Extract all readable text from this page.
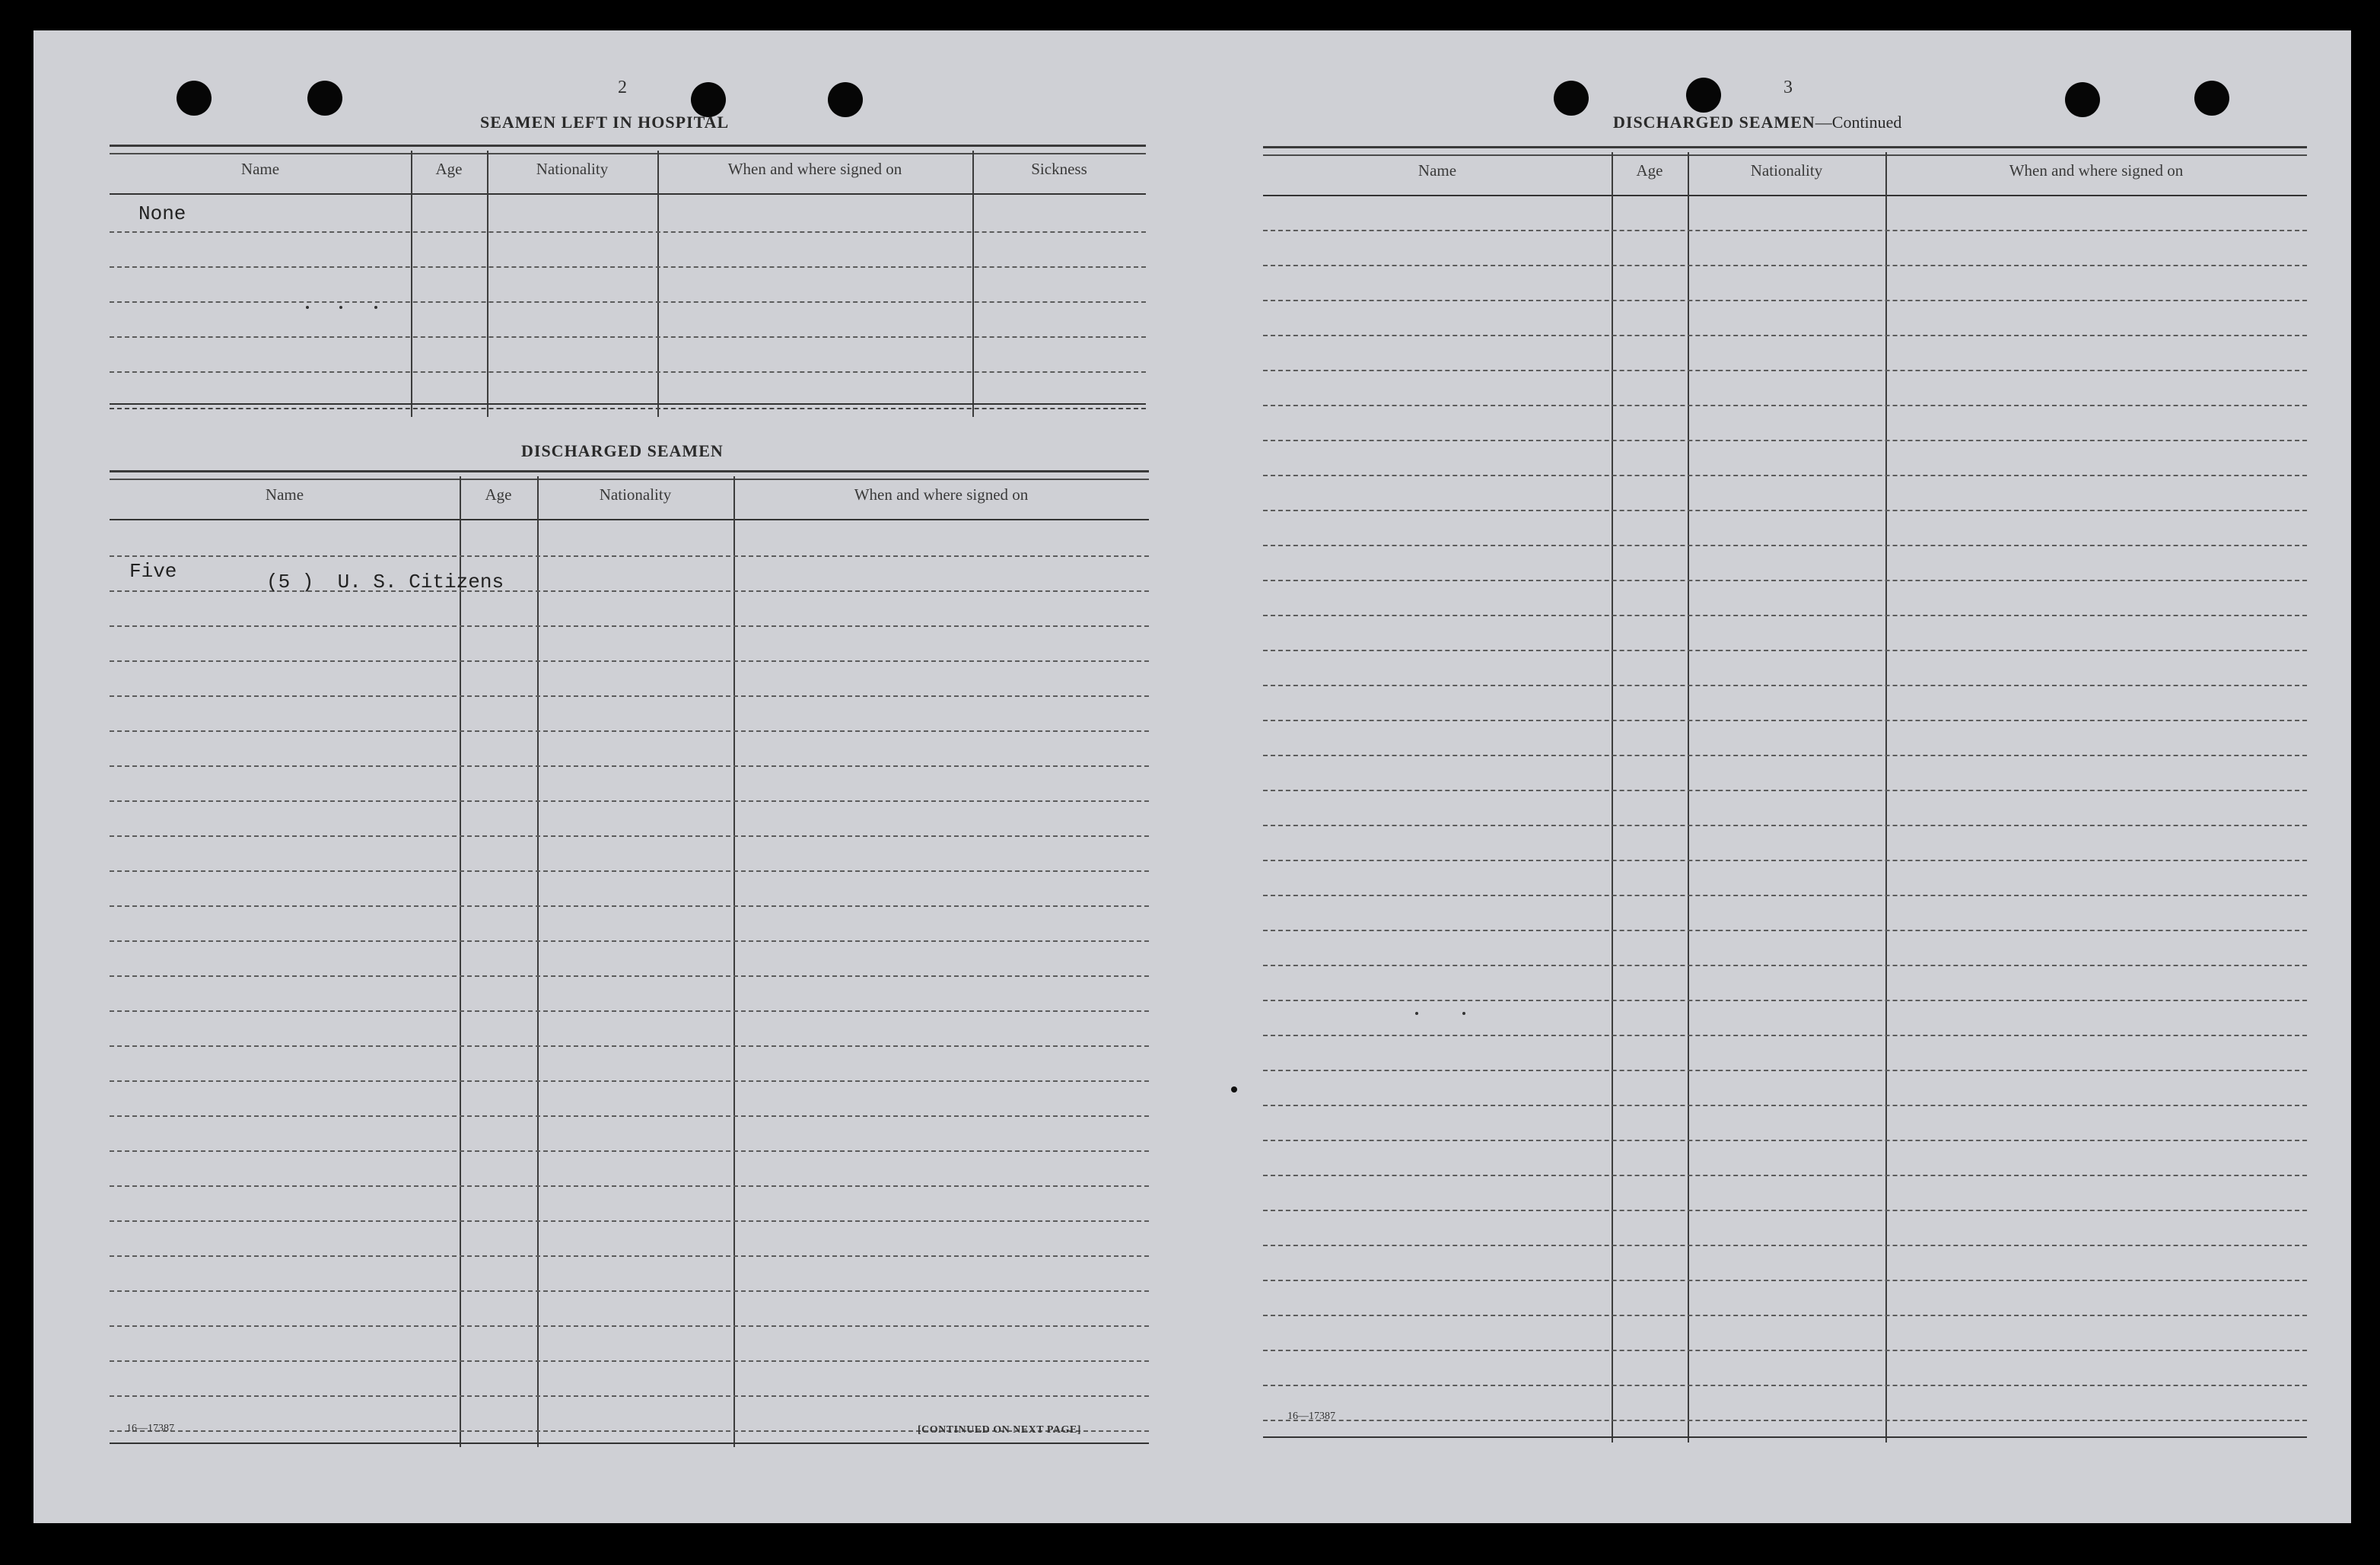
2
SEAMEN LEFT IN HOSPITAL
Name	Age	Nationality	When and where signed on	Sickness
None
DISCHARGED SEAMEN
Name	Age	Nationality	When and where signed on
Five	(5 )  U. S. Citizens
16—17387	[CONTINUED ON NEXT PAGE]
3
DISCHARGED SEAMEN—Continued
Name	Age	Nationality	When and where signed on
16—17387
